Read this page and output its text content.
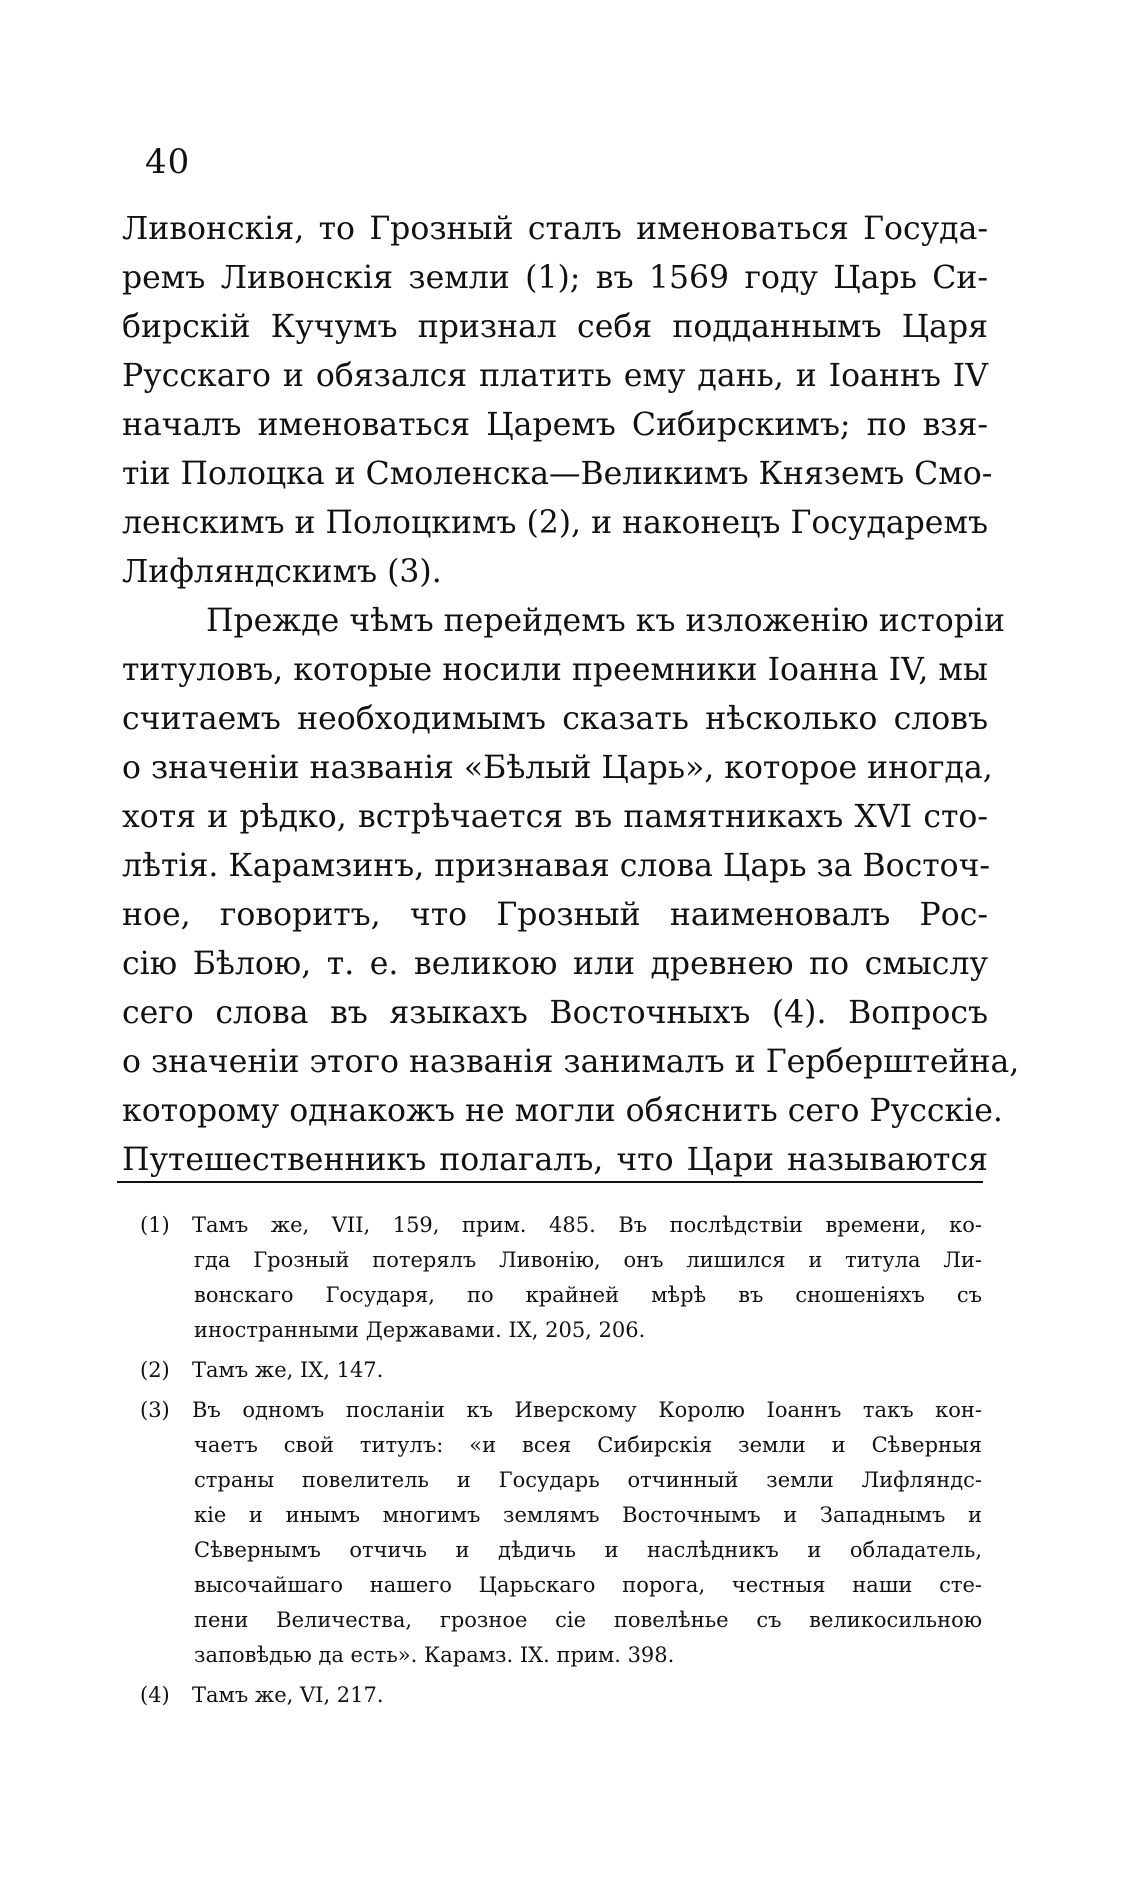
40
Ливонскія, то Грозный сталъ именоваться Госуда-
ремъ Ливонскія земли (1); въ 1569 году Царь Си-
бирскій Кучумъ признал себя подданнымъ Царя
Русскаго и обязался платить ему дань, и Іоаннъ IV
началъ именоваться Царемъ Сибирскимъ; по взя-
тіи Полоцка и Смоленска—Великимъ Княземъ Смо-
ленскимъ и Полоцкимъ (2), и наконецъ Государемъ
Лифляндскимъ (3).
Прежде чѣмъ перейдемъ къ изложенію исторіи
титуловъ, которые носили преемники Іоанна IV, мы
считаемъ необходимымъ сказать нѣсколько словъ
о значеніи названія «Бѣлый Царь», которое иногда,
хотя и рѣдко, встрѣчается въ памятникахъ XVI сто-
лѣтія. Карамзинъ, признавая слова Царь за Восточ-
ное, говоритъ, что Грозный наименовалъ Рос-
сію Бѣлою, т. е. великою или древнею по смыслу
сего слова въ языкахъ Восточныхъ (4). Вопросъ
о значеніи этого названія занималъ и Герберштейна,
которому однакожъ не могли обяснить сего Русскіе.
Путешественникъ полагалъ, что Цари называются
(1) Тамъ же, VII, 159, прим. 485. Въ послѣдствіи времени, ко-
гда Грозный потерялъ Ливонію, онъ лишился и титула Ли-
вонскаго Государя, по крайней мѣрѣ въ сношеніяхъ съ
иностранными Державами. IX, 205, 206.
(2) Тамъ же, IX, 147.
(3) Въ одномъ посланіи къ Иверскому Королю Іоаннъ такъ кон-
чаетъ свой титулъ: «и всея Сибирскія земли и Сѣверныя
страны повелитель и Государь отчинный земли Лифляндс-
кіе и инымъ многимъ землямъ Восточнымъ и Западнымъ и
Сѣвернымъ отчичь и дѣдичь и наслѣдникъ и обладатель,
высочайшаго нашего Царьскаго порога, честныя наши сте-
пени Величества, грозное сіе повелѣнье съ великосильною
заповѣдью да есть». Карамз. IX. прим. 398.
(4) Тамъ же, VI, 217.
